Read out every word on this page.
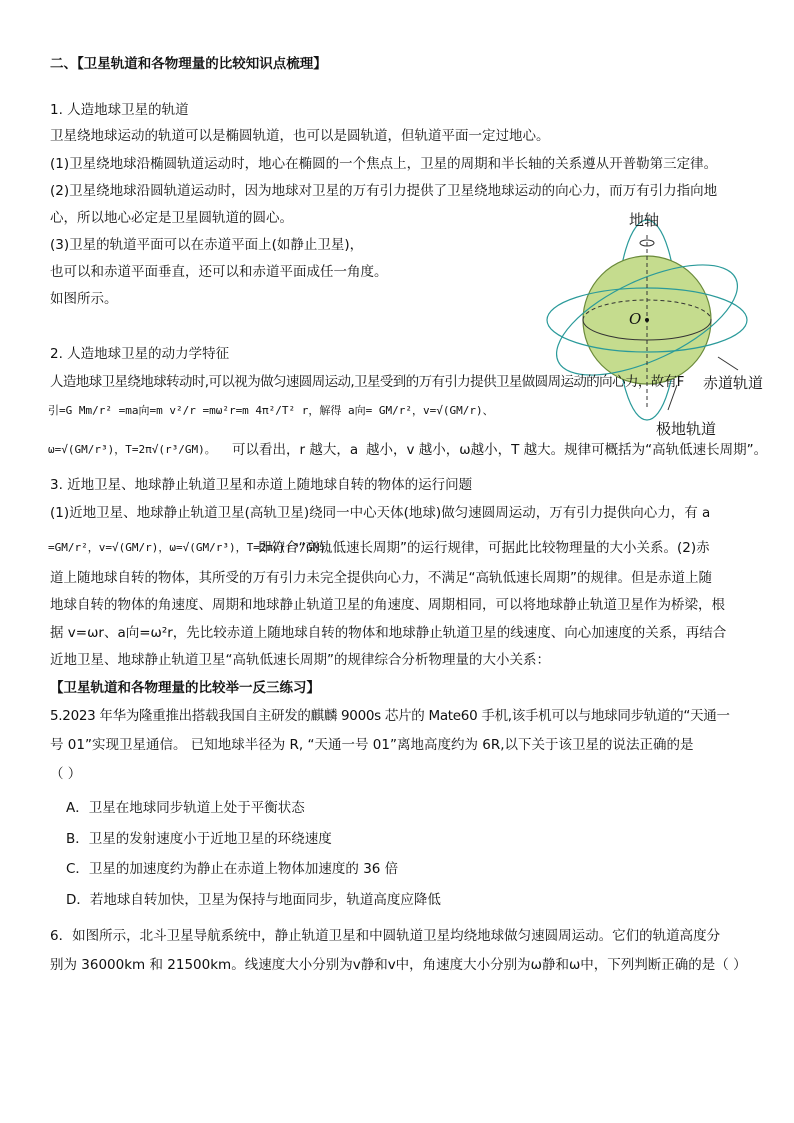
二、【卫星轨道和各物理量的比较知识点梳理】
1. 人造地球卫星的轨道
卫星绕地球运动的轨道可以是椭圆轨道，也可以是圆轨道，但轨道平面一定过地心。
(1)卫星绕地球沿椭圆轨道运动时，地心在椭圆的一个焦点上，卫星的周期和半长轴的关系遵从开普勒第三定律。
(2)卫星绕地球沿圆轨道运动时，因为地球对卫星的万有引力提供了卫星绕地球运动的向心力，而万有引力指向地
心，所以地心必定是卫星圆轨道的圆心。
(3)卫星的轨道平面可以在赤道平面上(如静止卫星)，
也可以和赤道平面垂直，还可以和赤道平面成任一角度。
如图所示。
地轴
O
赤道轨道
极地轨道
2. 人造地球卫星的动力学特征
人造地球卫星绕地球转动时,可以视为做匀速圆周运动,卫星受到的万有引力提供卫星做圆周运动的向心力，故有F
引=G Mm/r² =ma向=m v²/r =mω²r=m 4π²/T² r，解得 a向= GM/r²，v=√(GM/r)、
ω=√(GM/r³)，T=2π√(r³/GM)。 可以看出，r 越大，a 越小，v 越小，ω越小，T 越大。规律可概括为“高轨低速长周期”。
3. 近地卫星、地球静止轨道卫星和赤道上随地球自转的物体的运行问题
(1)近地卫星、地球静止轨道卫星(高轨卫星)绕同一中心天体(地球)做匀速圆周运动，万有引力提供向心力，有 a
=GM/r²，v=√(GM/r)，ω=√(GM/r³)，T=2π√(r³/GM)，
即符合“高轨低速长周期”的运行规律，可据此比较物理量的大小关系。(2)赤
道上随地球自转的物体，其所受的万有引力未完全提供向心力，不满足“高轨低速长周期”的规律。但是赤道上随
地球自转的物体的角速度、周期和地球静止轨道卫星的角速度、周期相同，可以将地球静止轨道卫星作为桥梁，根
据 v=ωr、a向=ω²r，先比较赤道上随地球自转的物体和地球静止轨道卫星的线速度、向心加速度的关系，再结合
近地卫星、地球静止轨道卫星“高轨低速长周期”的规律综合分析物理量的大小关系：
【卫星轨道和各物理量的比较举一反三练习】
5.2023 年华为隆重推出搭载我国自主研发的麒麟 9000s 芯片的 Mate60 手机,该手机可以与地球同步轨道的“天通一
号 01”实现卫星通信。 已知地球半径为 R, “天通一号 01”离地高度约为 6R,以下关于该卫星的说法正确的是
（ ）
A．卫星在地球同步轨道上处于平衡状态
B．卫星的发射速度小于近地卫星的环绕速度
C．卫星的加速度约为静止在赤道上物体加速度的 36 倍
D．若地球自转加快，卫星为保持与地面同步，轨道高度应降低
6．如图所示，北斗卫星导航系统中，静止轨道卫星和中圆轨道卫星均绕地球做匀速圆周运动。它们的轨道高度分
别为 36000km 和 21500km。线速度大小分别为v静和v中，角速度大小分别为ω静和ω中，下列判断正确的是（ ）
